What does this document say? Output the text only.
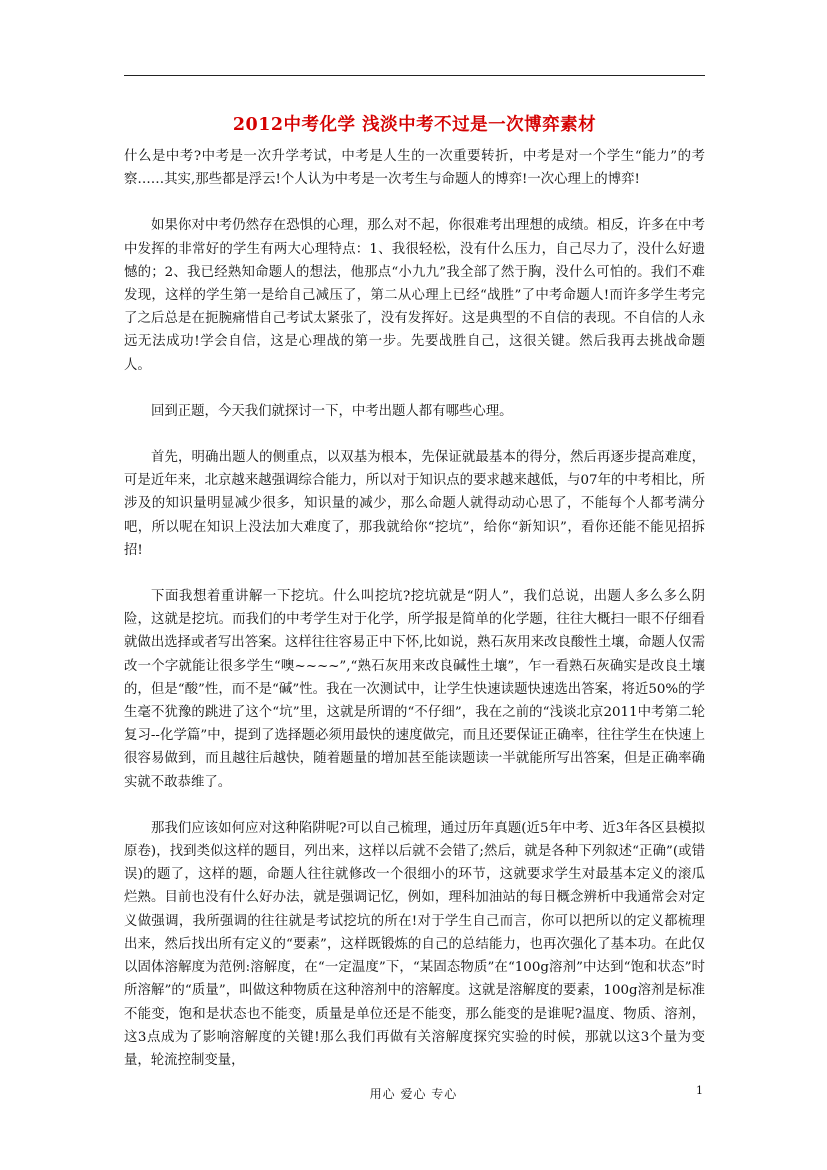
2012中考化学 浅淡中考不过是一次博弈素材

什么是中考?中考是一次升学考试，中考是人生的一次重要转折，中考是对一个学生“能力”的考察……其实,那些都是浮云!个人认为中考是一次考生与命题人的博弈!一次心理上的博弈!

如果你对中考仍然存在恐惧的心理，那么对不起，你很难考出理想的成绩。相反，许多在中考中发挥的非常好的学生有两大心理特点：1、我很轻松，没有什么压力，自己尽力了，没什么好遗憾的；2、我已经熟知命题人的想法，他那点“小九九”我全部了然于胸，没什么可怕的。我们不难发现，这样的学生第一是给自己减压了，第二从心理上已经“战胜”了中考命题人!而许多学生考完了之后总是在扼腕痛惜自己考试太紧张了，没有发挥好。这是典型的不自信的表现。不自信的人永远无法成功!学会自信，这是心理战的第一步。先要战胜自己，这很关键。然后我再去挑战命题人。

回到正题，今天我们就探讨一下，中考出题人都有哪些心理。

首先，明确出题人的侧重点，以双基为根本，先保证就最基本的得分，然后再逐步提高难度，可是近年来，北京越来越强调综合能力，所以对于知识点的要求越来越低，与07年的中考相比，所涉及的知识量明显减少很多，知识量的减少，那么命题人就得动动心思了，不能每个人都考满分吧，所以呢在知识上没法加大难度了，那我就给你“挖坑”，给你“新知识”，看你还能不能见招拆招!

下面我想着重讲解一下挖坑。什么叫挖坑?挖坑就是“阴人”，我们总说，出题人多么多么阴险，这就是挖坑。而我们的中考学生对于化学，所学报是简单的化学题，往往大概扫一眼不仔细看就做出选择或者写出答案。这样往往容易正中下怀,比如说，熟石灰用来改良酸性土壤，命题人仅需改一个字就能让很多学生“噢~~~~”,“熟石灰用来改良碱性土壤”，乍一看熟石灰确实是改良土壤的，但是“酸”性，而不是“碱”性。我在一次测试中，让学生快速读题快速选出答案，将近50%的学生毫不犹豫的跳进了这个“坑”里，这就是所谓的“不仔细”，我在之前的“浅谈北京2011中考第二轮复习--化学篇”中，提到了选择题必须用最快的速度做完，而且还要保证正确率，往往学生在快速上很容易做到，而且越往后越快，随着题量的增加甚至能读题读一半就能所写出答案，但是正确率确实就不敢恭维了。

那我们应该如何应对这种陷阱呢?可以自己梳理，通过历年真题(近5年中考、近3年各区县模拟原卷)，找到类似这样的题目，列出来，这样以后就不会错了;然后，就是各种下列叙述“正确”(或错误)的题了，这样的题，命题人往往就修改一个很细小的环节，这就要求学生对最基本定义的滚瓜烂熟。目前也没有什么好办法，就是强调记忆，例如，理科加油站的每日概念辨析中我通常会对定义做强调，我所强调的往往就是考试挖坑的所在!对于学生自己而言，你可以把所以的定义都梳理出来，然后找出所有定义的“要素”，这样既锻炼的自己的总结能力，也再次强化了基本功。在此仅以固体溶解度为范例:溶解度，在“一定温度”下，“某固态物质”在“100g溶剂”中达到“饱和状态”时所溶解”的“质量”，叫做这种物质在这种溶剂中的溶解度。这就是溶解度的要素，100g溶剂是标准不能变，饱和是状态也不能变，质量是单位还是不能变，那么能变的是谁呢?温度、物质、溶剂，这3点成为了影响溶解度的关键!那么我们再做有关溶解度探究实验的时候，那就以这3个量为变量，轮流控制变量，

用心 爱心 专心	1
